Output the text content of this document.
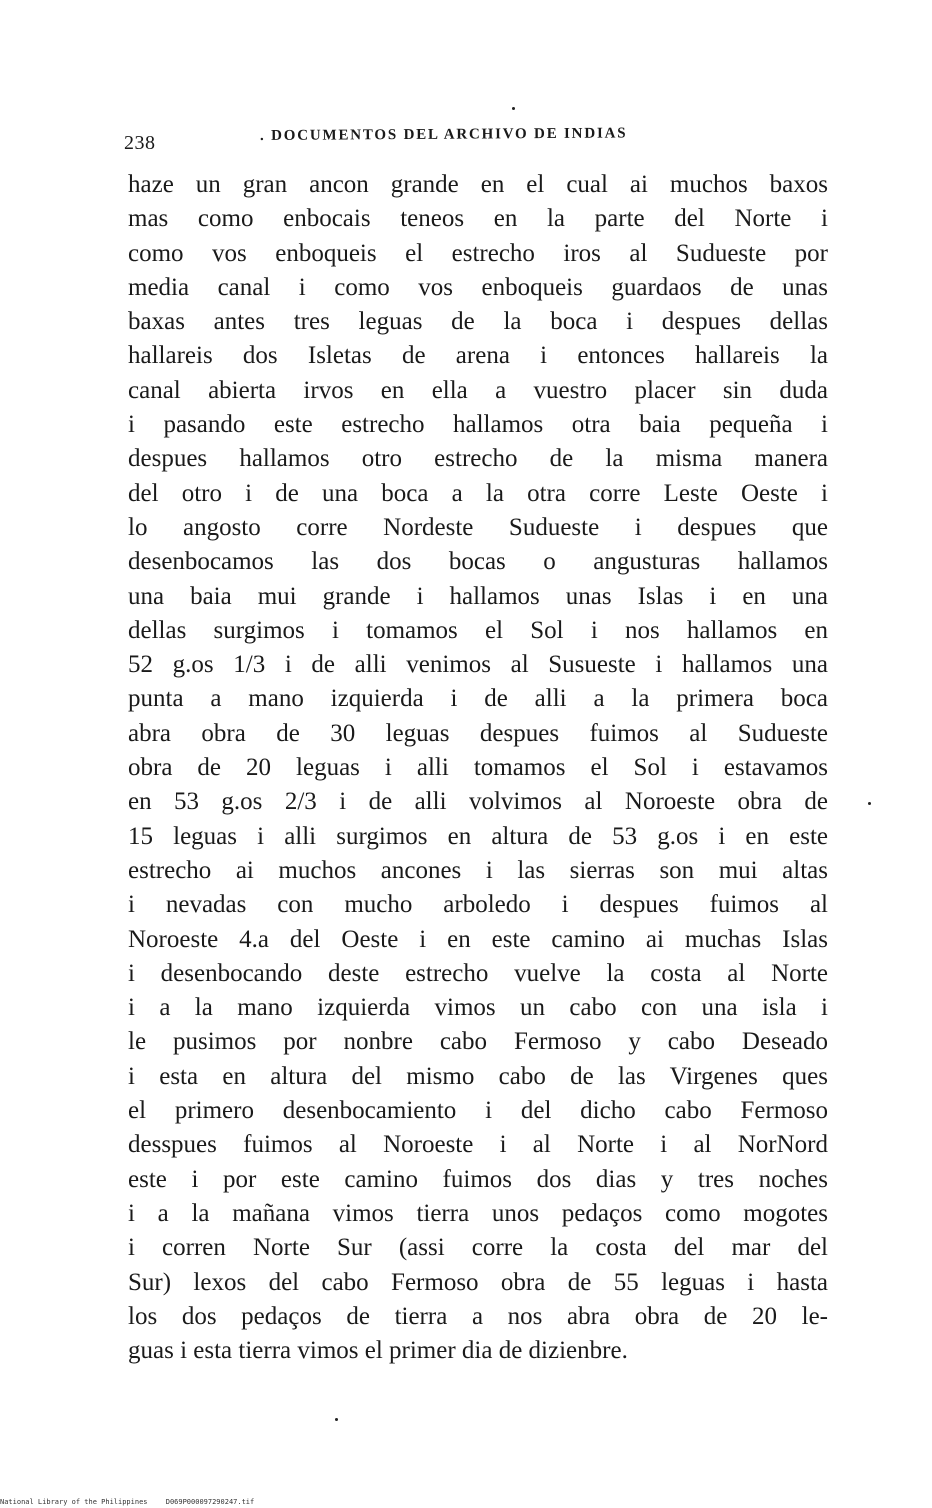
238	. DOCUMENTOS DEL ARCHIVO DE INDIAS
haze un gran ancon grande en el cual ai muchos baxos
mas como enbocais teneos en la parte del Norte i
como vos enboqueis el estrecho iros al Sudueste por
media canal i como vos enboqueis guardaos de unas
baxas antes tres leguas de la boca i despues dellas
hallareis dos Isletas de arena i entonces hallareis la
canal abierta irvos en ella a vuestro placer sin duda
i pasando este estrecho hallamos otra baia pequeña i
despues hallamos otro estrecho de la misma manera
del otro i de una boca a la otra corre Leste Oeste i
lo angosto corre Nordeste Sudueste i despues que
desenbocamos las dos bocas o angusturas hallamos
una baia mui grande i hallamos unas Islas i en una
dellas surgimos i tomamos el Sol i nos hallamos en
52 g.os 1/3 i de alli venimos al Susueste i hallamos una
punta a mano izquierda i de alli a la primera boca
abra obra de 30 leguas despues fuimos al Sudueste
obra de 20 leguas i alli tomamos el Sol i estavamos
en 53 g.os 2/3 i de alli volvimos al Noroeste obra de
15 leguas i alli surgimos en altura de 53 g.os i en este
estrecho ai muchos ancones i las sierras son mui altas
i nevadas con mucho arboledo i despues fuimos al
Noroeste 4.a del Oeste i en este camino ai muchas Islas
i desenbocando deste estrecho vuelve la costa al Norte
i a la mano izquierda vimos un cabo con una isla i
le pusimos por nonbre cabo Fermoso y cabo Deseado
i esta en altura del mismo cabo de las Virgenes ques
el primero desenbocamiento i del dicho cabo Fermoso
desspues fuimos al Noroeste i al Norte i al NorNord
este i por este camino fuimos dos dias y tres noches
i a la mañana vimos tierra unos pedaços como mogotes
i corren Norte Sur (assi corre la costa del mar del
Sur) lexos del cabo Fermoso obra de 55 leguas i hasta
los dos pedaços de tierra a nos abra obra de 20 le-
guas i esta tierra vimos el primer dia de dizienbre.
National Library of the Philippines	D069P000097290247.tif
